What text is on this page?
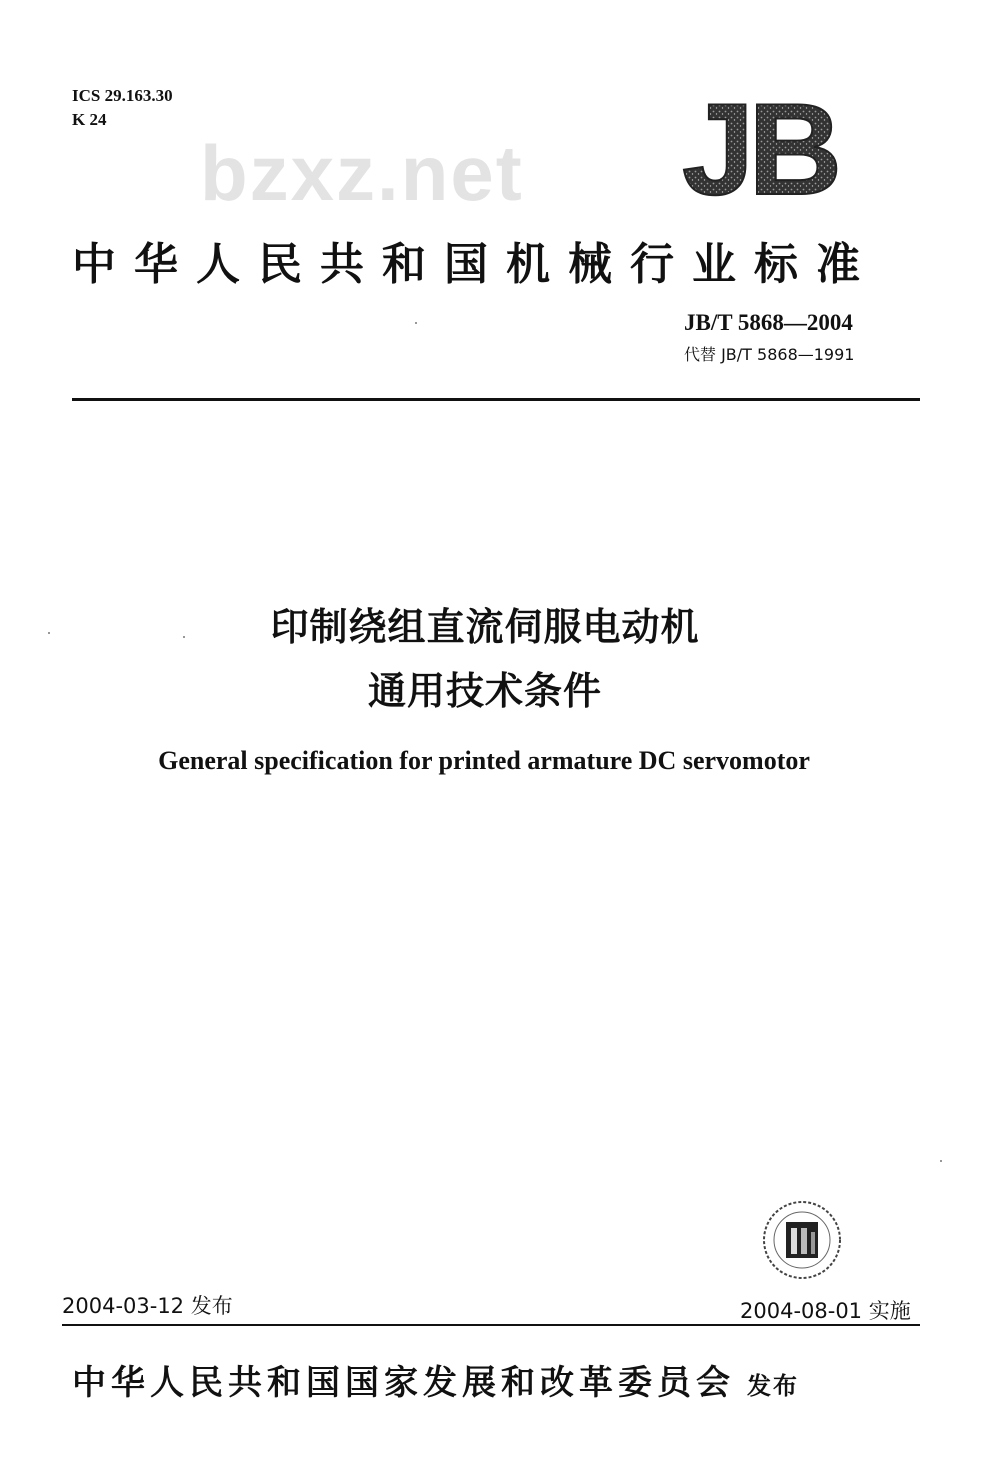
ICS 29.163.30
K 24
bzxz.net JB
中华人民共和国机械行业标准
JB/T 5868—2004
代替 JB/T 5868—1991
印制绕组直流伺服电动机
通用技术条件
General specification for printed armature DC servomotor
2004-03-12 发布	2004-08-01 实施
中华人民共和国国家发展和改革委员会 发布
